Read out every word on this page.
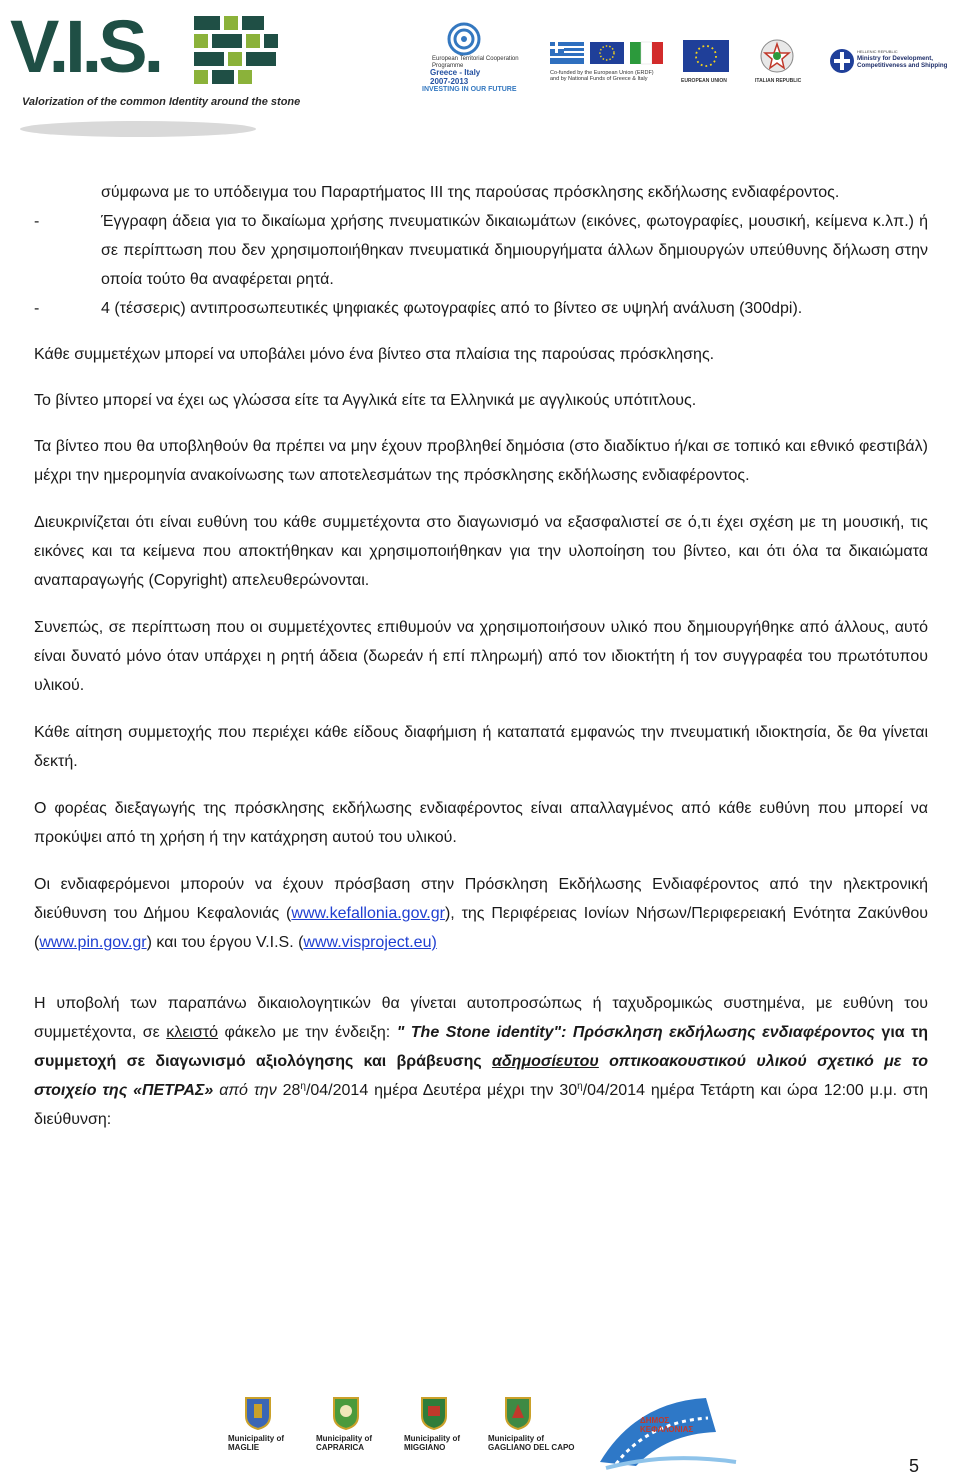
V.I.S.
Valorization of the common Identity around the stone
European Territorial Cooperation Programme
Greece - Italy
2007-2013
INVESTING IN OUR FUTURE
Co-funded by the European Union (ERDF)
and by National Funds of Greece & Italy	EUROPEAN UNION	ITALIAN REPUBLIC
HELLENIC REPUBLIC
Ministry for Development,
Competitiveness and Shipping

σύμφωνα με το υπόδειγμα του Παραρτήματος ΙΙΙ της παρούσας πρόσκλησης εκδήλωσης ενδιαφέροντος.

- Έγγραφη άδεια για το δικαίωμα χρήσης πνευματικών δικαιωμάτων (εικόνες, φωτογραφίες, μουσική, κείμενα κ.λπ.) ή σε περίπτωση που δεν χρησιμοποιήθηκαν πνευματικά δημιουργήματα άλλων δημιουργών υπεύθυνης δήλωση στην οποία τούτο θα αναφέρεται ρητά.

- 4 (τέσσερις) αντιπροσωπευτικές ψηφιακές φωτογραφίες από το βίντεο σε υψηλή ανάλυση (300dpi).

Κάθε συμμετέχων μπορεί να υποβάλει μόνο ένα βίντεο στα πλαίσια της παρούσας πρόσκλησης.

Το βίντεο μπορεί να έχει ως γλώσσα είτε τα Αγγλικά είτε τα Ελληνικά με αγγλικούς υπότιτλους.

Τα βίντεο που θα υποβληθούν θα πρέπει να μην έχουν προβληθεί δημόσια (στο διαδίκτυο ή/και σε τοπικό και εθνικό φεστιβάλ) μέχρι την ημερομηνία ανακοίνωσης των αποτελεσμάτων της πρόσκλησης εκδήλωσης ενδιαφέροντος.

Διευκρινίζεται ότι είναι ευθύνη του κάθε συμμετέχοντα στο διαγωνισμό να εξασφαλιστεί σε ό,τι έχει σχέση με τη μουσική, τις εικόνες και τα κείμενα που αποκτήθηκαν και χρησιμοποιήθηκαν για την υλοποίηση του βίντεο, και ότι όλα τα δικαιώματα αναπαραγωγής (Copyright) απελευθερώνονται.

Συνεπώς, σε περίπτωση που οι συμμετέχοντες επιθυμούν να χρησιμοποιήσουν υλικό που δημιουργήθηκε από άλλους, αυτό είναι δυνατό μόνο όταν υπάρχει η ρητή άδεια (δωρεάν ή επί πληρωμή) από τον ιδιοκτήτη ή τον συγγραφέα του πρωτότυπου υλικού.

Κάθε αίτηση συμμετοχής που περιέχει κάθε είδους διαφήμιση ή καταπατά εμφανώς την πνευματική ιδιοκτησία, δε θα γίνεται δεκτή.

Ο φορέας διεξαγωγής της πρόσκλησης εκδήλωσης ενδιαφέροντος είναι απαλλαγμένος από κάθε ευθύνη που μπορεί να προκύψει από τη χρήση ή την κατάχρηση αυτού του υλικού.

Οι ενδιαφερόμενοι μπορούν να έχουν πρόσβαση στην Πρόσκληση Εκδήλωσης Ενδιαφέροντος από την ηλεκτρονική διεύθυνση του Δήμου Κεφαλονιάς (www.kefallonia.gov.gr), της Περιφέρειας Ιονίων Νήσων/Περιφερειακή Ενότητα Ζακύνθου (www.pin.gov.gr) και του έργου V.I.S. (www.visproject.eu)

Η υποβολή των παραπάνω δικαιολογητικών θα γίνεται αυτοπροσώπως ή ταχυδρομικώς συστημένα, με ευθύνη του συμμετέχοντα, σε κλειστό φάκελο με την ένδειξη: " The Stone identity": Πρόσκληση εκδήλωσης ενδιαφέροντος για τη συμμετοχή σε διαγωνισμό αξιολόγησης και βράβευσης αδημοσίευτου οπτικοακουστικού υλικού σχετικό με το στοιχείο της «ΠΕΤΡΑΣ» από την $28^\eta/04/2014$ ημέρα Δευτέρα μέχρι την $30^\eta/04/2014$ ημέρα Τετάρτη και ώρα 12:00 μ.μ. στη διεύθυνση:

Municipality of
MAGLIE
Municipality of
CAPRARICA
Municipality of
MIGGIANO
Municipality of
GAGLIANO DEL CAPO
ΔΗΜΟΣ
ΚΕΦΑΛΟΝΙΑΣ
5
